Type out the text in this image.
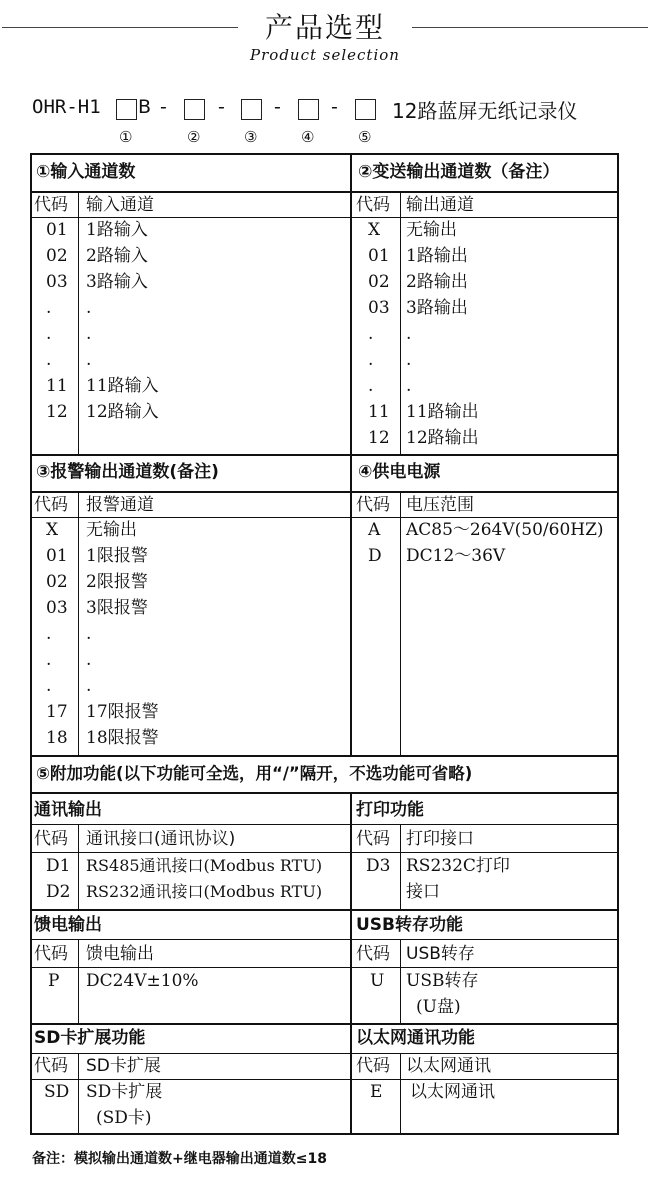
产品选型
Product selection
OHR-H1 B -	-	-	-	12路蓝屏无纸记录仪
①	②	③	④	⑤
①输入通道数
代码 输入通道
01 1路输入
02 2路输入
03 3路输入
. .
. .
. .
11 11路输入
12 12路输入
②变送输出通道数（备注）
代码 输出通道
X 无输出
01 1路输出
02 2路输出
03 3路输出
. .
. .
. .
11 11路输出
12 12路输出
③报警输出通道数(备注)
代码 报警通道
X 无输出
01 1限报警
02 2限报警
03 3限报警
. .
. .
. .
17 17限报警
18 18限报警
④供电电源
代码 电压范围
A AC85～264V(50/60HZ)
D DC12～36V
⑤附加功能(以下功能可全选，用“/”隔开，不选功能可省略)
通讯输出
代码 通讯接口(通讯协议)
D1 RS485通讯接口(Modbus RTU)
D2 RS232通讯接口(Modbus RTU)
打印功能
代码 打印接口
D3 RS232C打印
接口
馈电输出
代码 馈电输出
P DC24V±10%
USB转存功能
代码 USB转存
U USB转存
(U盘)
SD卡扩展功能
代码 SD卡扩展
SD SD卡扩展
(SD卡)
以太网通讯功能
代码 以太网通讯
E 以太网通讯
备注：模拟输出通道数+继电器输出通道数≤18
